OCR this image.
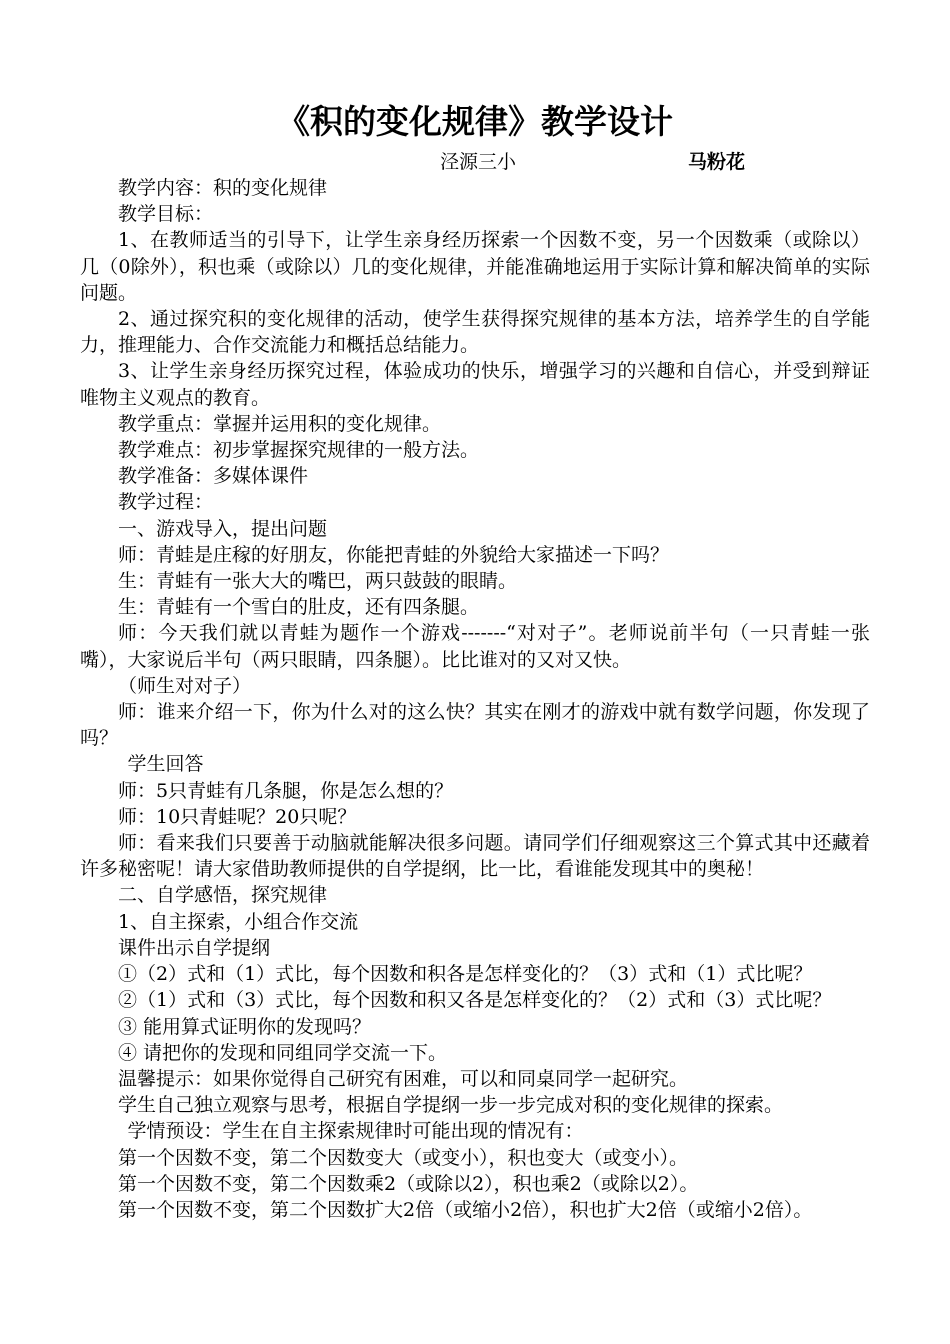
《积的变化规律》教学设计
泾源三小	马粉花

教学内容：积的变化规律

教学目标：

1、在教师适当的引导下，让学生亲身经历探索一个因数不变，另一个因数乘（或除以）几（0除外），积也乘（或除以）几的变化规律，并能准确地运用于实际计算和解决简单的实际问题。

2、通过探究积的变化规律的活动，使学生获得探究规律的基本方法，培养学生的自学能力，推理能力、合作交流能力和概括总结能力。

3、让学生亲身经历探究过程，体验成功的快乐，增强学习的兴趣和自信心，并受到辩证唯物主义观点的教育。

教学重点：掌握并运用积的变化规律。

教学难点：初步掌握探究规律的一般方法。

教学准备：多媒体课件

教学过程：

一、游戏导入，提出问题

师：青蛙是庄稼的好朋友，你能把青蛙的外貌给大家描述一下吗？

生：青蛙有一张大大的嘴巴，两只鼓鼓的眼睛。

生：青蛙有一个雪白的肚皮，还有四条腿。

师：今天我们就以青蛙为题作一个游戏-------“对对子”。老师说前半句（一只青蛙一张嘴），大家说后半句（两只眼睛，四条腿）。比比谁对的又对又快。

（师生对对子）

师：谁来介绍一下，你为什么对的这么快？其实在刚才的游戏中就有数学问题，你发现了吗？

学生回答

师：5只青蛙有几条腿，你是怎么想的？

师：10只青蛙呢？20只呢？

师：看来我们只要善于动脑就能解决很多问题。请同学们仔细观察这三个算式其中还藏着许多秘密呢！请大家借助教师提供的自学提纲，比一比，看谁能发现其中的奥秘！

二、自学感悟，探究规律

1、自主探索，小组合作交流

课件出示自学提纲

①（2）式和（1）式比，每个因数和积各是怎样变化的？（3）式和（1）式比呢？

②（1）式和（3）式比，每个因数和积又各是怎样变化的？（2）式和（3）式比呢？

③ 能用算式证明你的发现吗？

④ 请把你的发现和同组同学交流一下。

温馨提示：如果你觉得自己研究有困难，可以和同桌同学一起研究。

学生自己独立观察与思考，根据自学提纲一步一步完成对积的变化规律的探索。

学情预设：学生在自主探索规律时可能出现的情况有：

第一个因数不变，第二个因数变大（或变小），积也变大（或变小）。

第一个因数不变，第二个因数乘2（或除以2），积也乘2（或除以2）。

第一个因数不变，第二个因数扩大2倍（或缩小2倍），积也扩大2倍（或缩小2倍）。
